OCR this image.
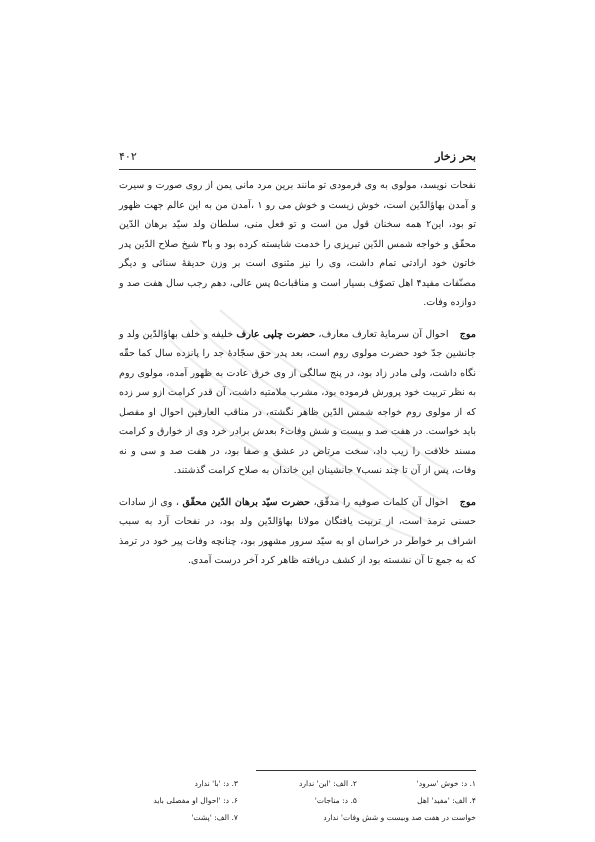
بحر زخار
۴۰۲

نفحات نویسد، مولوی به وی فرمودی تو مانند برین مرد مانی یمن از روی صورت و سیرت و آمدن بهاؤالدّین است، خوش زیست و خوش می رو ۱ ،آمدن من به این عالم جهت ظهور تو بود، این۲ همه سخنان قول من است و تو فعل منی، سلطان ولد سیّد برهان الدّین محقّق و خواجه شمس الدّین تبریزی را خدمت شایسته کرده بود و با۳ شیخ صلاح الدّین پدر خاتون خود ارادتی تمام داشت، وی را نیز مثنوی است بر وزن حدیقهٔ سنائی و دیگر مصنّفات مفید۴ اهل تصوّف بسیار است و مناقبات۵ پس عالی، دهم رجب سال هفت صد و دوازده وفات.

موج احوال آن سرمایهٔ تعارف معارف، حضرت چلپی عارف خلیفه و خلف بهاؤالدّین ولد و جانشین جدّ خود حضرت مولوی روم است، بعد پدر حق سجّادهٔ جد را پانزده سال کما حقّه نگاه داشت، ولی مادر زاد بود، در پنج سالگی از وی خرق عادت به ظهور آمده، مولوی روم به نظر تربیت خود پرورش فرموده بود، مشرب ملامتیه داشت، آن قدر کرامت ازو سر زده که از مولوی روم خواجه شمس الدّین ظاهر نگشته، در مناقب العارفین احوال او مفصل باید خواست. در هفت صد و بیست و شش وفات۶ بعدش برادر خرد وی از خوارق و کرامت مسند خلافت را زیب داد، سخت مرتاض در عشق و صفا بود، در هفت صد و سی و نه وفات، پس از آن تا چند نسب۷ جانشینان این خاندان به صلاح کرامت گذشتند.

موج احوال آن کلمات صوفیه را مدقّق، حضرت سیّد برهان الدّین محقّق ، وی از سادات حسنی ترمذ است، از تربیت یافتگان مولانا بهاؤالدّین ولد بود، در نفحات آرد به سبب اشراف بر خواطر در خراسان او به سیّد سرور مشهور بود، چنانچه وفات پیر خود در ترمذ که به جمع تا آن نشسته بود از کشف دریافته ظاهر کرد آخر درست آمدی.

۱. د: خوش 'سرود'
۲. الف: 'این' ندارد
۳. د: 'با' ندارد
۴. الف: 'مفید' اهل
۵. د: مناجات'
۶. د: 'احوال او مفصلی باید
خواست در هفت صد وبیست و شش وفات' ندارد
۷. الف: 'پشت'
